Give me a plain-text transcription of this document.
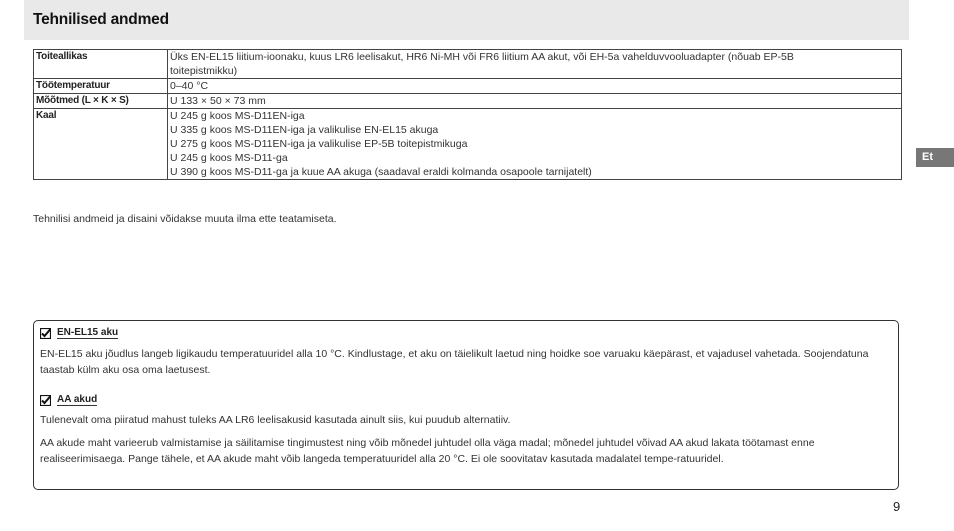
Tehnilised andmed
Toiteallikas	Üks EN-EL15 liitium-ioonaku, kuus LR6 leelisakut, HR6 Ni-MH või FR6 liitium AA akut, või EH-5a vahelduvvooluadapter (nõuab EP-5B
toitepistmikku)

Töötemperatuur	0–40 °C

Mõõtmed (L × K × S)	U 133 × 50 × 73 mm

Kaal	U 245 g koos MS-D11EN-iga
U 335 g koos MS-D11EN-iga ja valikulise EN-EL15 akuga
U 275 g koos MS-D11EN-iga ja valikulise EP-5B toitepistmikuga
U 245 g koos MS-D11-ga
U 390 g koos MS-D11-ga ja kuue AA akuga (saadaval eraldi kolmanda osapoole tarnijatelt)
Tehnilisi andmeid ja disaini võidakse muuta ilma ette teatamiseta.
Et
EN-EL15 aku
EN-EL15 aku jõudlus langeb ligikaudu temperatuuridel alla 10 °C. Kindlustage, et aku on täielikult laetud ning hoidke soe varuaku käepärast, et vajadusel vahetada. Soojendatuna taastab külm aku osa oma laetusest.
AA akud
Tulenevalt oma piiratud mahust tuleks AA LR6 leelisakusid kasutada ainult siis, kui puudub alternatiiv.
AA akude maht varieerub valmistamise ja säilitamise tingimustest ning võib mõnedel juhtudel olla väga madal; mõnedel juhtudel võivad AA akud lakata töötamast enne realiseerimisaega. Pange tähele, et AA akude maht võib langeda temperatuuridel alla 20 °C. Ei ole soovitatav kasutada madalatel tempe-ratuuridel.
9
